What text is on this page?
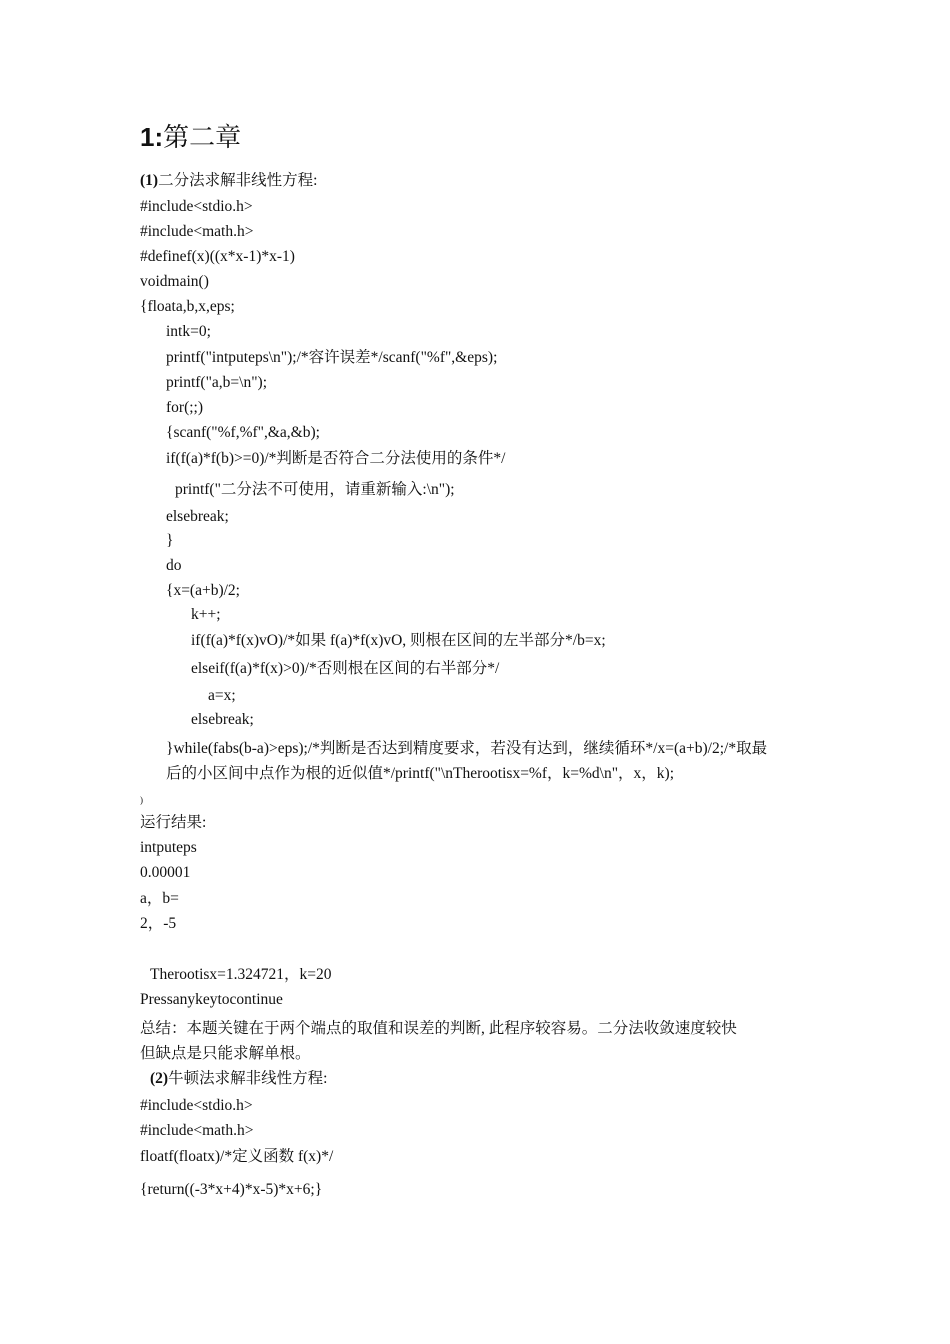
1:第二章
(1)二分法求解非线性方程:
#include<stdio.h>
#include<math.h>
#definef(x)((x*x-1)*x-1)
voidmain()
{floata,b,x,eps;
intk=0;
printf("intputeps\n");/*容许误差*/scanf("%f",&eps);
printf("a,b=\n");
for(;;)
{scanf("%f,%f",&a,&b);
if(f(a)*f(b)>=0)/*判断是否符合二分法使用的条件*/
printf("二分法不可使用，请重新输入:\n");
elsebreak;
}
do
{x=(a+b)/2;
k++;
if(f(a)*f(x)vO)/*如果 f(a)*f(x)vO, 则根在区间的左半部分*/b=x;
elseif(f(a)*f(x)>0)/*否则根在区间的右半部分*/
a=x;
elsebreak;
}while(fabs(b-a)>eps);/*判断是否达到精度要求，若没有达到，继续循环*/x=(a+b)/2;/*取最
后的小区间中点作为根的近似值*/printf("\nTherootisx=%f，k=%d\n"，x，k);
)
运行结果:
intputeps
0.00001
a，b=
2，-5
Therootisx=1.324721，k=20
Pressanykeytocontinue
总结：本题关键在于两个端点的取值和误差的判断, 此程序较容易。二分法收敛速度较快
但缺点是只能求解单根。
(2)牛顿法求解非线性方程:
#include<stdio.h>
#include<math.h>
floatf(floatx)/*定义函数 f(x)*/
{return((-3*x+4)*x-5)*x+6;}
